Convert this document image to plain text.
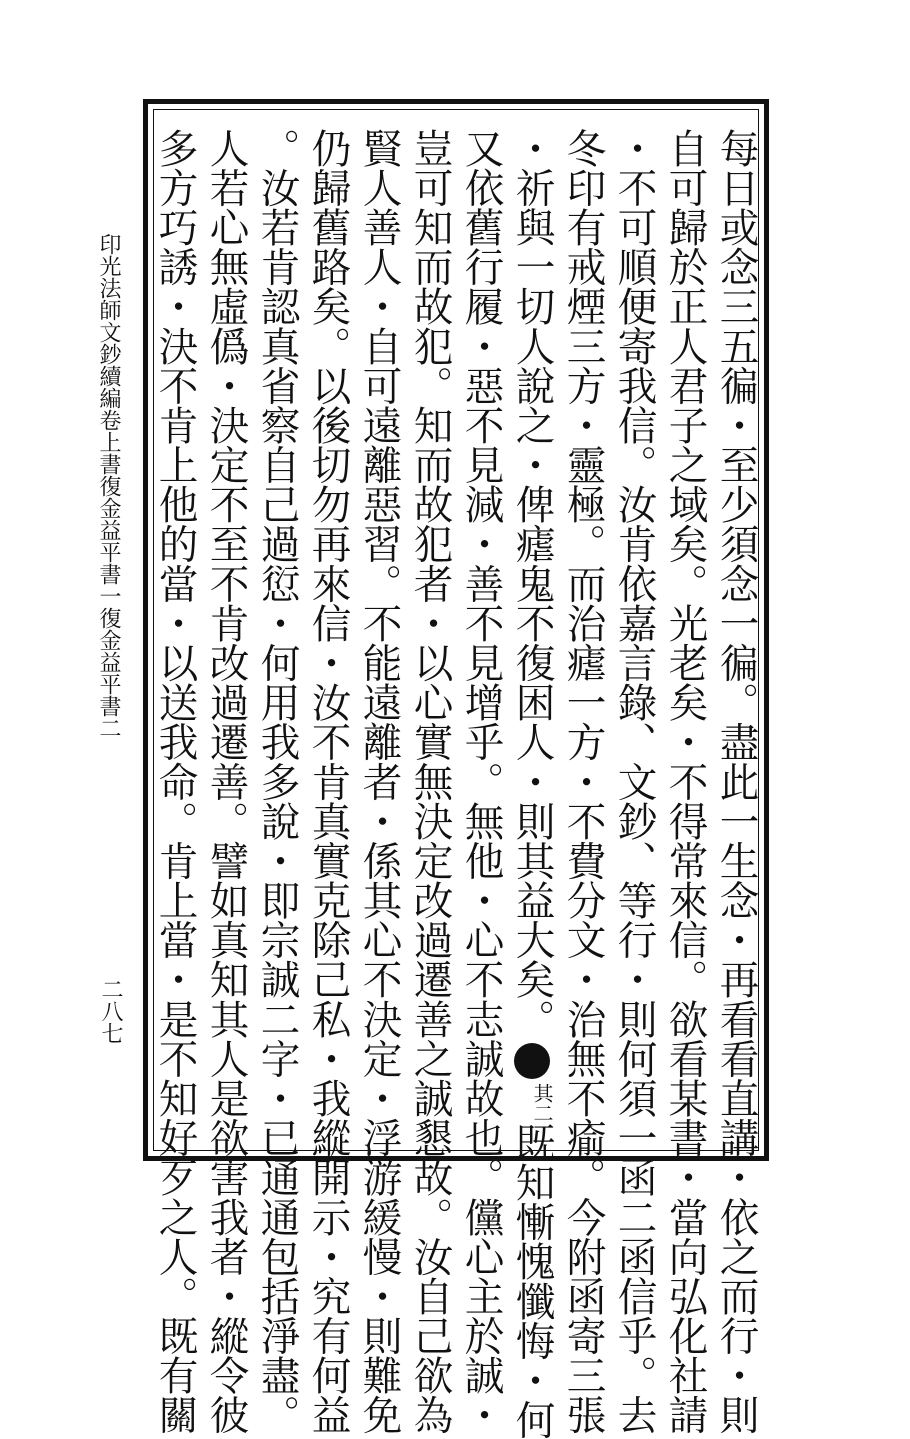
印光法師文鈔續編卷上書復金益平書一復金益平書二
二八七	每日或念三五徧・至少須念一徧。盡此一生念・再看看直講・依之而行・則
自可歸於正人君子之域矣。光老矣・不得常來信。欲看某書・當向弘化社請
・不可順便寄我信。汝肯依嘉言錄、文鈔、等行・則何須一函二函信乎。去
冬印有戒煙三方・靈極。而治瘧一方・不費分文・治無不瘉。今附函寄三張
・祈與一切人說之・俾瘧鬼不復困人・則其益大矣。其二既知慚愧懺悔・何
又依舊行履・惡不見減・善不見增乎。無他・心不志誠故也。儻心主於誠・
豈可知而故犯。知而故犯者・以心實無決定改過遷善之誠懇故。汝自己欲為
賢人善人・自可遠離惡習。不能遠離者・係其心不決定・浮游緩慢・則難免
仍歸舊路矣。以後切勿再來信・汝不肯真實克除己私・我縱開示・究有何益
。汝若肯認真省察自己過愆・何用我多說・即宗誠二字・已通通包括淨盡。
人若心無虛僞・決定不至不肯改過遷善。譬如真知其人是欲害我者・縱令彼
多方巧誘・決不肯上他的當・以送我命。肯上當・是不知好歹之人。既有關
